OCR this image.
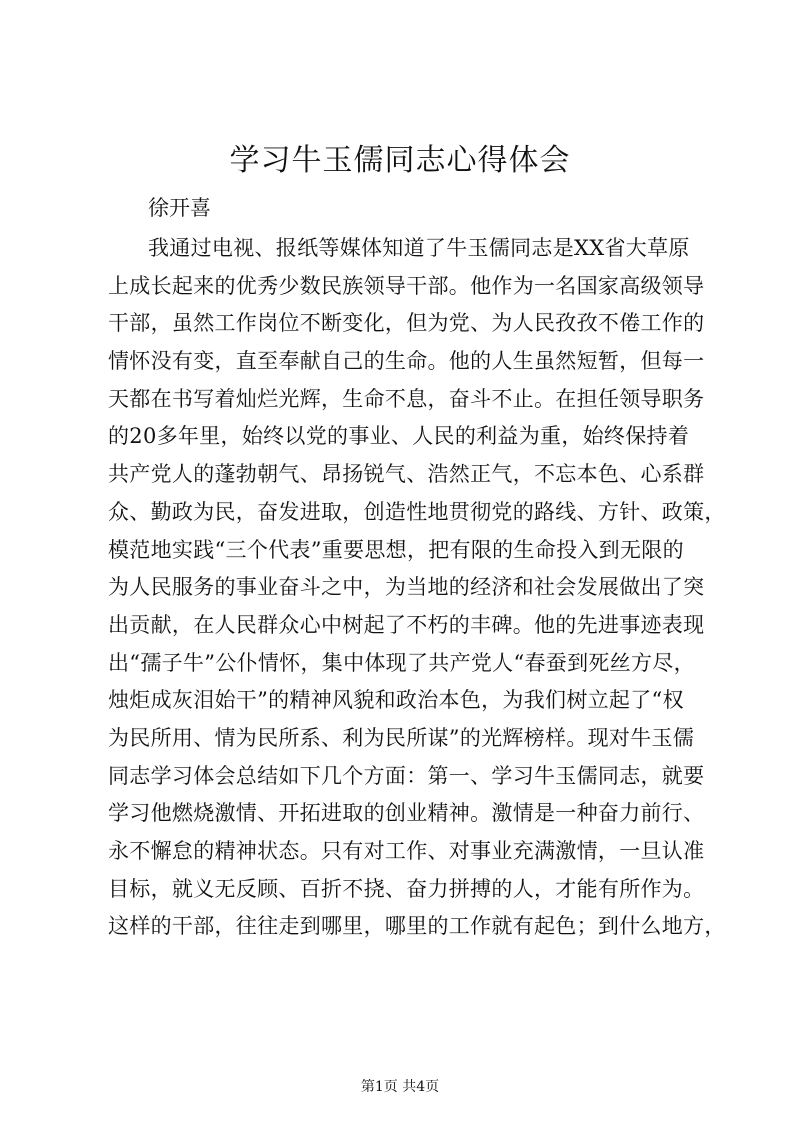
学习牛玉儒同志心得体会
徐开喜
我通过电视、报纸等媒体知道了牛玉儒同志是XX省大草原
上成长起来的优秀少数民族领导干部。他作为一名国家高级领导
干部，虽然工作岗位不断变化，但为党、为人民孜孜不倦工作的
情怀没有变，直至奉献自己的生命。他的人生虽然短暂，但每一
天都在书写着灿烂光辉，生命不息，奋斗不止。在担任领导职务
的20多年里，始终以党的事业、人民的利益为重，始终保持着
共产党人的蓬勃朝气、昂扬锐气、浩然正气，不忘本色、心系群
众、勤政为民，奋发进取，创造性地贯彻党的路线、方针、政策，
模范地实践“三个代表”重要思想，把有限的生命投入到无限的
为人民服务的事业奋斗之中，为当地的经济和社会发展做出了突
出贡献，在人民群众心中树起了不朽的丰碑。他的先进事迹表现
出“孺子牛”公仆情怀，集中体现了共产党人“春蚕到死丝方尽，
烛炬成灰泪始干”的精神风貌和政治本色，为我们树立起了“权
为民所用、情为民所系、利为民所谋”的光辉榜样。现对牛玉儒
同志学习体会总结如下几个方面：第一、学习牛玉儒同志，就要
学习他燃烧激情、开拓进取的创业精神。激情是一种奋力前行、
永不懈怠的精神状态。只有对工作、对事业充满激情，一旦认准
目标，就义无反顾、百折不挠、奋力拼搏的人，才能有所作为。
这样的干部，往往走到哪里，哪里的工作就有起色；到什么地方，
第1页 共4页
